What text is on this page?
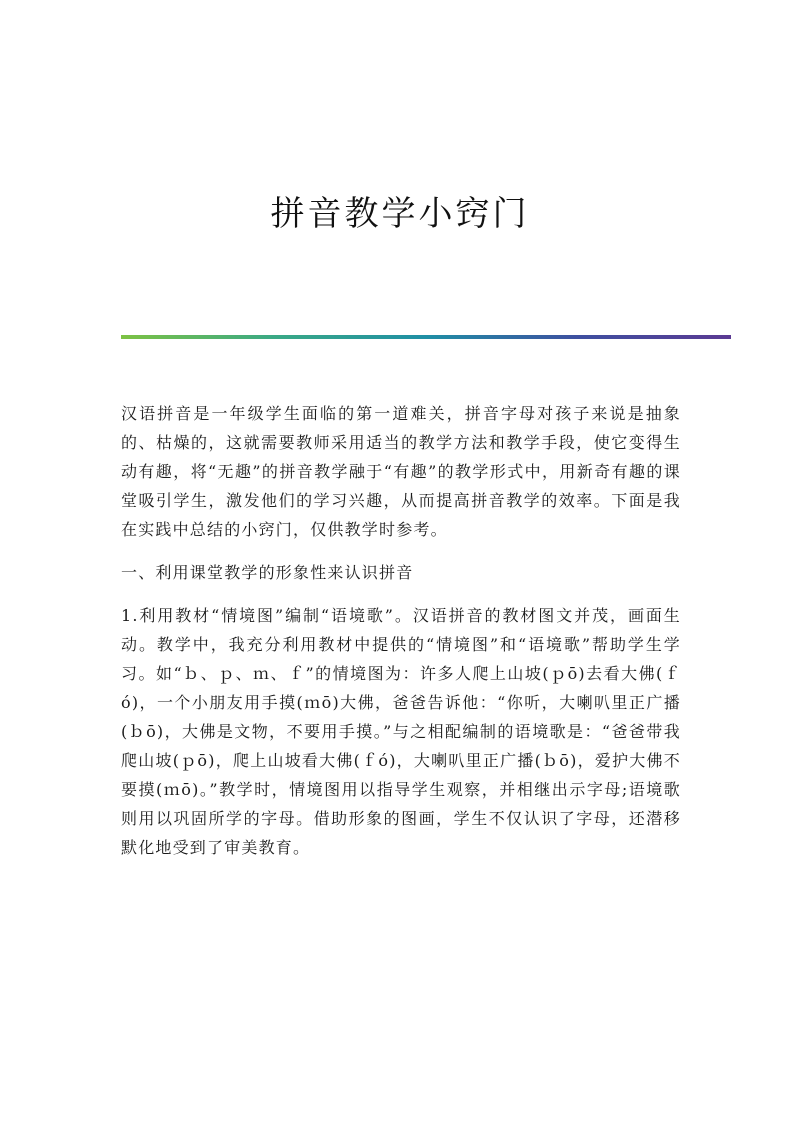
拼音教学小窍门

汉语拼音是一年级学生面临的第一道难关，拼音字母对孩子来说是抽象的、枯燥的，这就需要教师采用适当的教学方法和教学手段，使它变得生动有趣，将“无趣”的拼音教学融于“有趣”的教学形式中，用新奇有趣的课堂吸引学生，激发他们的学习兴趣，从而提高拼音教学的效率。下面是我在实践中总结的小窍门，仅供教学时参考。

一、利用课堂教学的形象性来认识拼音

1.利用教材“情境图”编制“语境歌”。汉语拼音的教材图文并茂，画面生动。教学中，我充分利用教材中提供的“情境图”和“语境歌”帮助学生学习。如“ｂ、ｐ、ｍ、ｆ”的情境图为：许多人爬上山坡(ｐō)去看大佛(ｆó)，一个小朋友用手摸(ｍō)大佛，爸爸告诉他：“你听，大喇叭里正广播(ｂō)，大佛是文物，不要用手摸。”与之相配编制的语境歌是：“爸爸带我爬山坡(ｐō)，爬上山坡看大佛(ｆó)，大喇叭里正广播(ｂō)，爱护大佛不要摸(ｍō)。”教学时，情境图用以指导学生观察，并相继出示字母;语境歌则用以巩固所学的字母。借助形象的图画，学生不仅认识了字母，还潜移默化地受到了审美教育。
